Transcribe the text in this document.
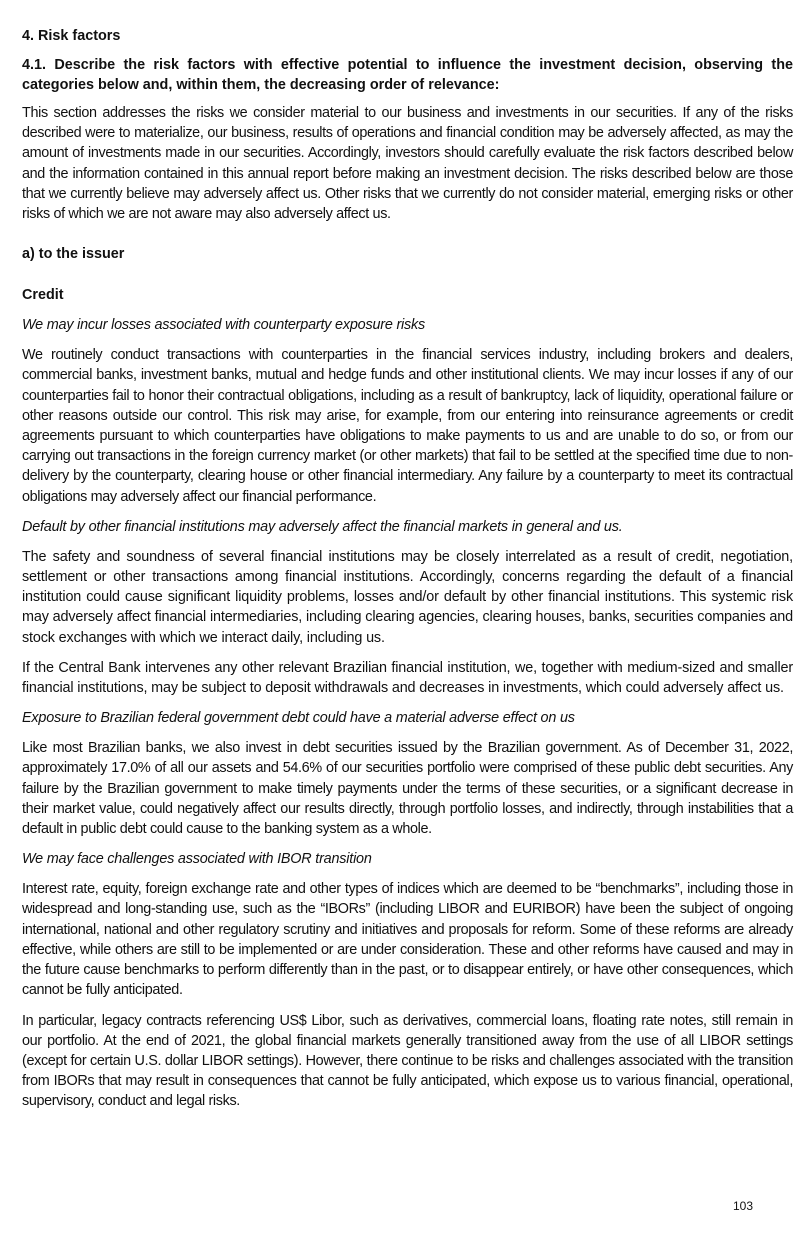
4. Risk factors
4.1. Describe the risk factors with effective potential to influence the investment decision, observing the categories below and, within them, the decreasing order of relevance:

This section addresses the risks we consider material to our business and investments in our securities. If any of the risks described were to materialize, our business, results of operations and financial condition may be adversely affected, as may the amount of investments made in our securities. Accordingly, investors should carefully evaluate the risk factors described below and the information contained in this annual report before making an investment decision. The risks described below are those that we currently believe may adversely affect us. Other risks that we currently do not consider material, emerging risks or other risks of which we are not aware may also adversely affect us.

a) to the issuer
Credit
We may incur losses associated with counterparty exposure risks

We routinely conduct transactions with counterparties in the financial services industry, including brokers and dealers, commercial banks, investment banks, mutual and hedge funds and other institutional clients. We may incur losses if any of our counterparties fail to honor their contractual obligations, including as a result of bankruptcy, lack of liquidity, operational failure or other reasons outside our control. This risk may arise, for example, from our entering into reinsurance agreements or credit agreements pursuant to which counterparties have obligations to make payments to us and are unable to do so, or from our carrying out transactions in the foreign currency market (or other markets) that fail to be settled at the specified time due to non-delivery by the counterparty, clearing house or other financial intermediary. Any failure by a counterparty to meet its contractual obligations may adversely affect our financial performance.

Default by other financial institutions may adversely affect the financial markets in general and us.

The safety and soundness of several financial institutions may be closely interrelated as a result of credit, negotiation, settlement or other transactions among financial institutions. Accordingly, concerns regarding the default of a financial institution could cause significant liquidity problems, losses and/or default by other financial institutions. This systemic risk may adversely affect financial intermediaries, including clearing agencies, clearing houses, banks, securities companies and stock exchanges with which we interact daily, including us.

If the Central Bank intervenes any other relevant Brazilian financial institution, we, together with medium-sized and smaller financial institutions, may be subject to deposit withdrawals and decreases in investments, which could adversely affect us.

Exposure to Brazilian federal government debt could have a material adverse effect on us

Like most Brazilian banks, we also invest in debt securities issued by the Brazilian government. As of December 31, 2022, approximately 17.0% of all our assets and 54.6% of our securities portfolio were comprised of these public debt securities. Any failure by the Brazilian government to make timely payments under the terms of these securities, or a significant decrease in their market value, could negatively affect our results directly, through portfolio losses, and indirectly, through instabilities that a default in public debt could cause to the banking system as a whole.

We may face challenges associated with IBOR transition

Interest rate, equity, foreign exchange rate and other types of indices which are deemed to be “benchmarks”, including those in widespread and long-standing use, such as the “IBORs” (including LIBOR and EURIBOR) have been the subject of ongoing international, national and other regulatory scrutiny and initiatives and proposals for reform. Some of these reforms are already effective, while others are still to be implemented or are under consideration. These and other reforms have caused and may in the future cause benchmarks to perform differently than in the past, or to disappear entirely, or have other consequences, which cannot be fully anticipated.

In particular, legacy contracts referencing US$ Libor, such as derivatives, commercial loans, floating rate notes, still remain in our portfolio. At the end of 2021, the global financial markets generally transitioned away from the use of all LIBOR settings (except for certain U.S. dollar LIBOR settings). However, there continue to be risks and challenges associated with the transition from IBORs that may result in consequences that cannot be fully anticipated, which expose us to various financial, operational, supervisory, conduct and legal risks.

103
